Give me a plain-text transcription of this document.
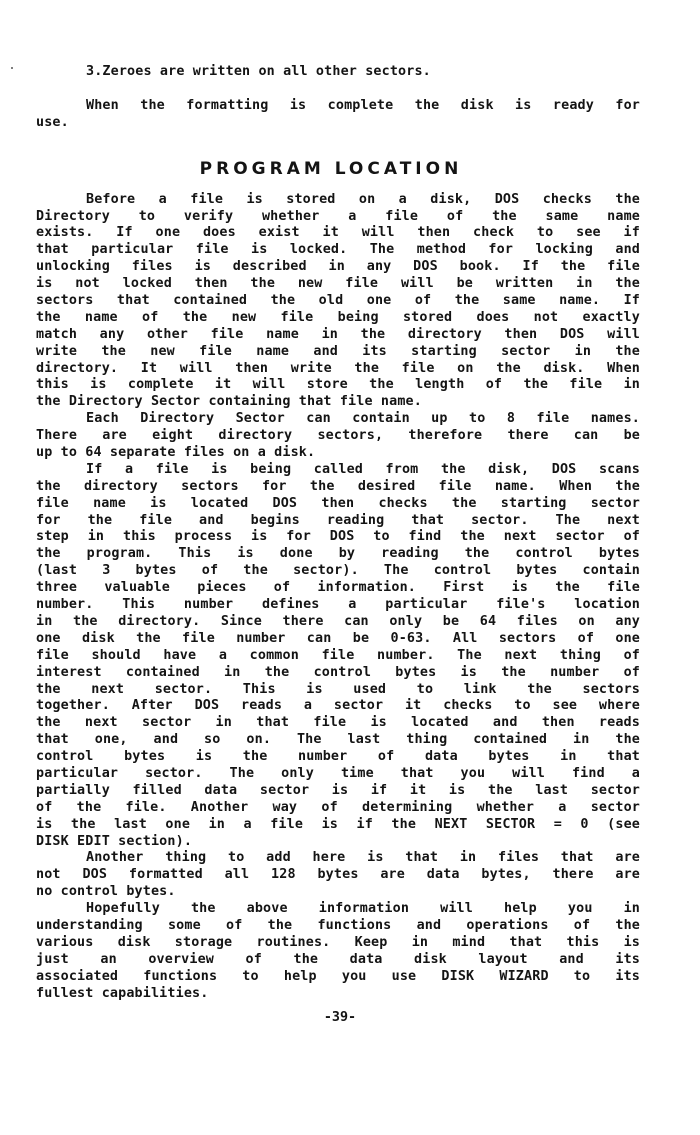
3.Zeroes are written on all other sectors.
When the formatting is complete the disk is ready for
use.
PROGRAM LOCATION
Before a file is stored on a disk, DOS checks the
Directory to verify whether a file of the same name
exists. If one does exist it will then check to see if
that particular file is locked. The method for locking and
unlocking files is described in any DOS book. If the file
is not locked then the new file will be written in the
sectors that contained the old one of the same name. If
the name of the new file being stored does not exactly
match any other file name in the directory then DOS will
write the new file name and its starting sector in the
directory. It will then write the file on the disk. When
this is complete it will store the length of the file in
the Directory Sector containing that file name.
Each Directory Sector can contain up to 8 file names.
There are eight directory sectors, therefore there can be
up to 64 separate files on a disk.
If a file is being called from the disk, DOS scans
the directory sectors for the desired file name. When the
file name is located DOS then checks the starting sector
for the file and begins reading that sector. The next
step in this process is for DOS to find the next sector of
the program. This is done by reading the control bytes
(last 3 bytes of the sector). The control bytes contain
three valuable pieces of information. First is the file
number. This number defines a particular file's location
in the directory. Since there can only be 64 files on any
one disk the file number can be 0-63. All sectors of one
file should have a common file number. The next thing of
interest contained in the control bytes is the number of
the next sector. This is used to link the sectors
together. After DOS reads a sector it checks to see where
the next sector in that file is located and then reads
that one, and so on. The last thing contained in the
control bytes is the number of data bytes in that
particular sector. The only time that you will find a
partially filled data sector is if it is the last sector
of the file. Another way of determining whether a sector
is the last one in a file is if the NEXT SECTOR = 0 (see
DISK EDIT section).
Another thing to add here is that in files that are
not DOS formatted all 128 bytes are data bytes, there are
no control bytes.
Hopefully the above information will help you in
understanding some of the functions and operations of the
various disk storage routines. Keep in mind that this is
just an overview of the data disk layout and its
associated functions to help you use DISK WIZARD to its
fullest capabilities.
-39-
